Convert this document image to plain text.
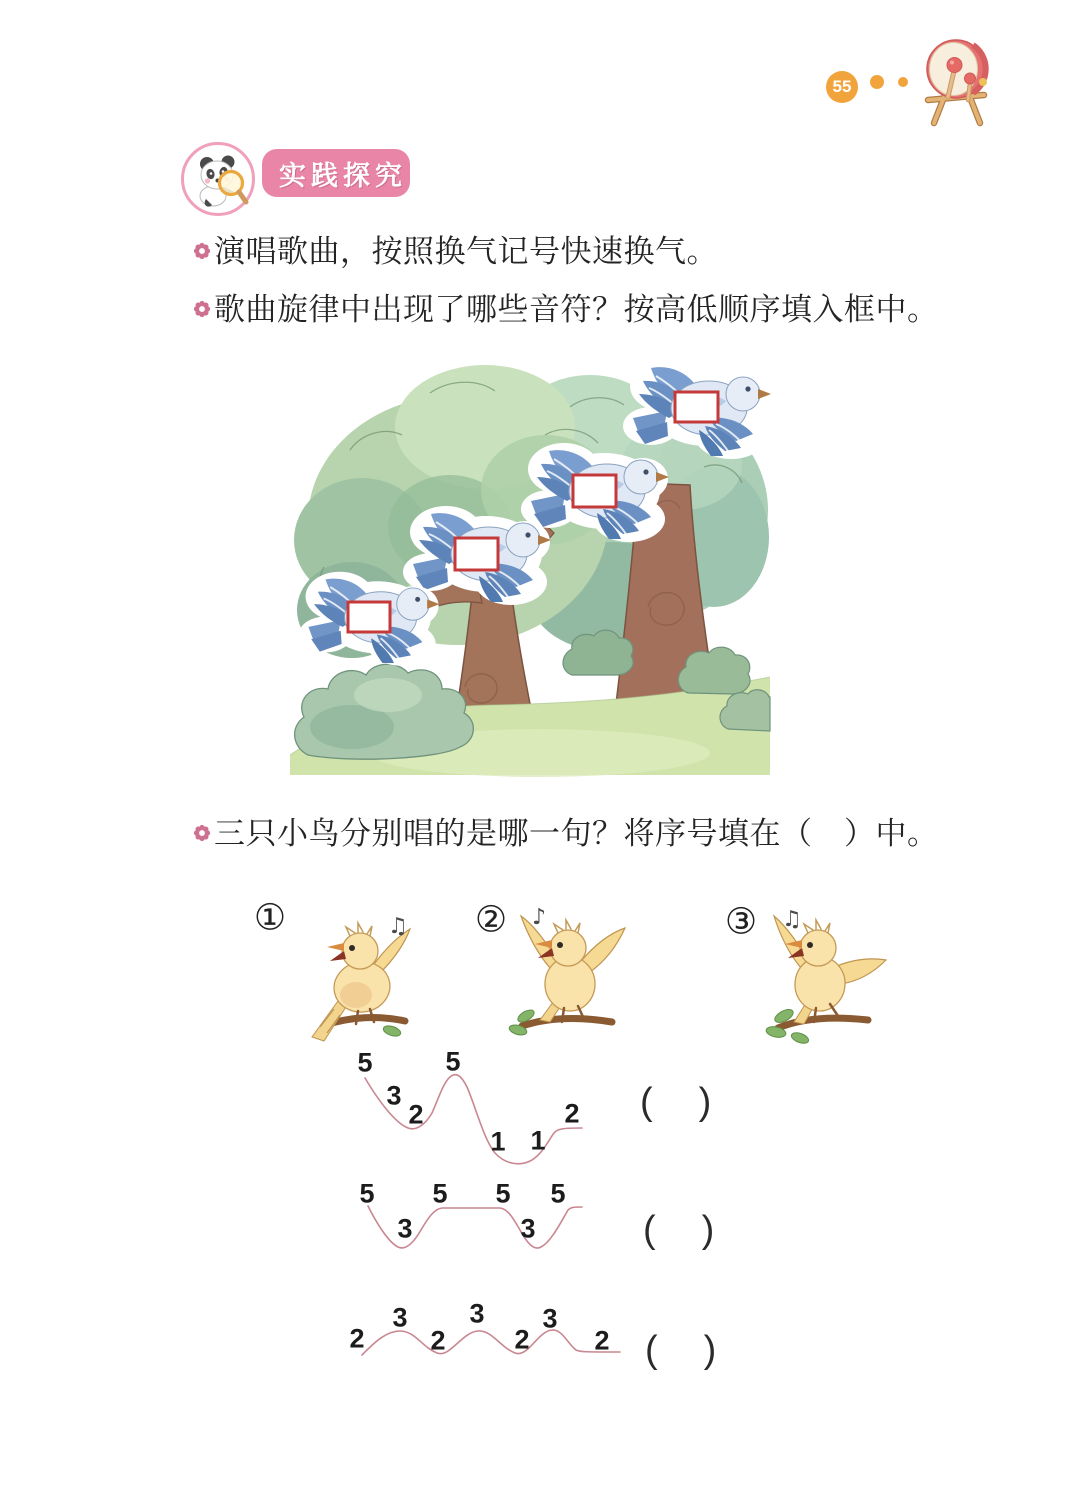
55
实践探究
演唱歌曲，按照换气记号快速换气。
歌曲旋律中出现了哪些音符？按高低顺序填入框中。
三只小鸟分别唱的是哪一句？将序号填在（　）中。
①	②	③
♫	♪	♫
5
3
2
5
1 1
2 (　)
5
3
5 5
3
5
(　)
2
3
2
3
2
3
2 (　)
